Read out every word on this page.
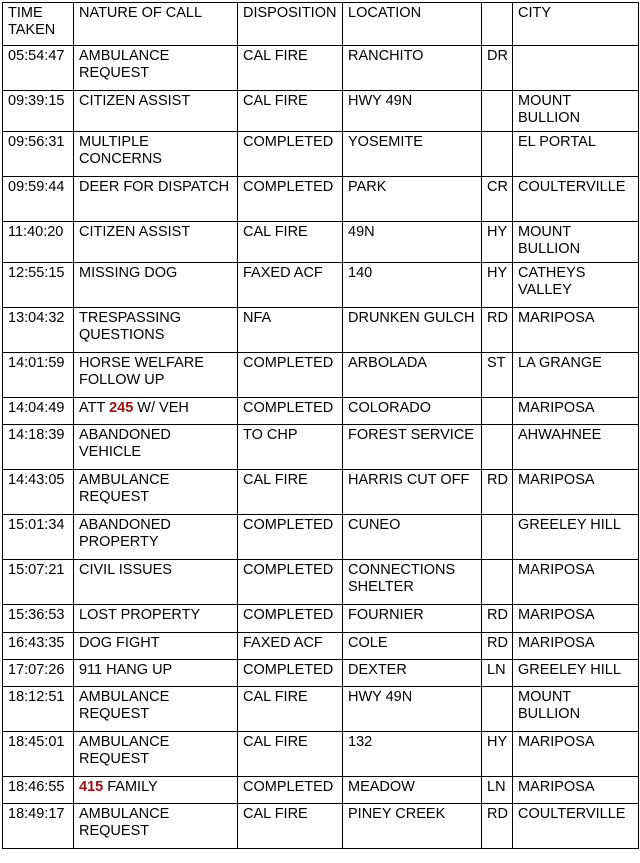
TIME TAKEN	NATURE OF CALL	DISPOSITION	LOCATION		CITY
05:54:47	AMBULANCE REQUEST	CAL FIRE	RANCHITO	DR	
09:39:15	CITIZEN ASSIST	CAL FIRE	HWY 49N		MOUNT BULLION
09:56:31	MULTIPLE CONCERNS	COMPLETED	YOSEMITE		EL PORTAL
09:59:44	DEER FOR DISPATCH	COMPLETED	PARK	CR	COULTERVILLE
11:40:20	CITIZEN ASSIST	CAL FIRE	49N	HY	MOUNT BULLION
12:55:15	MISSING DOG	FAXED ACF	140	HY	CATHEYS VALLEY
13:04:32	TRESPASSING QUESTIONS	NFA	DRUNKEN GULCH	RD	MARIPOSA
14:01:59	HORSE WELFARE FOLLOW UP	COMPLETED	ARBOLADA	ST	LA GRANGE
14:04:49	ATT 245 W/ VEH	COMPLETED	COLORADO		MARIPOSA
14:18:39	ABANDONED VEHICLE	TO CHP	FOREST SERVICE		AHWAHNEE
14:43:05	AMBULANCE REQUEST	CAL FIRE	HARRIS CUT OFF	RD	MARIPOSA
15:01:34	ABANDONED PROPERTY	COMPLETED	CUNEO		GREELEY HILL
15:07:21	CIVIL ISSUES	COMPLETED	CONNECTIONS SHELTER		MARIPOSA
15:36:53	LOST PROPERTY	COMPLETED	FOURNIER	RD	MARIPOSA
16:43:35	DOG FIGHT	FAXED ACF	COLE	RD	MARIPOSA
17:07:26	911 HANG UP	COMPLETED	DEXTER	LN	GREELEY HILL
18:12:51	AMBULANCE REQUEST	CAL FIRE	HWY 49N		MOUNT BULLION
18:45:01	AMBULANCE REQUEST	CAL FIRE	132	HY	MARIPOSA
18:46:55	415 FAMILY	COMPLETED	MEADOW	LN	MARIPOSA
18:49:17	AMBULANCE REQUEST	CAL FIRE	PINEY CREEK	RD	COULTERVILLE
